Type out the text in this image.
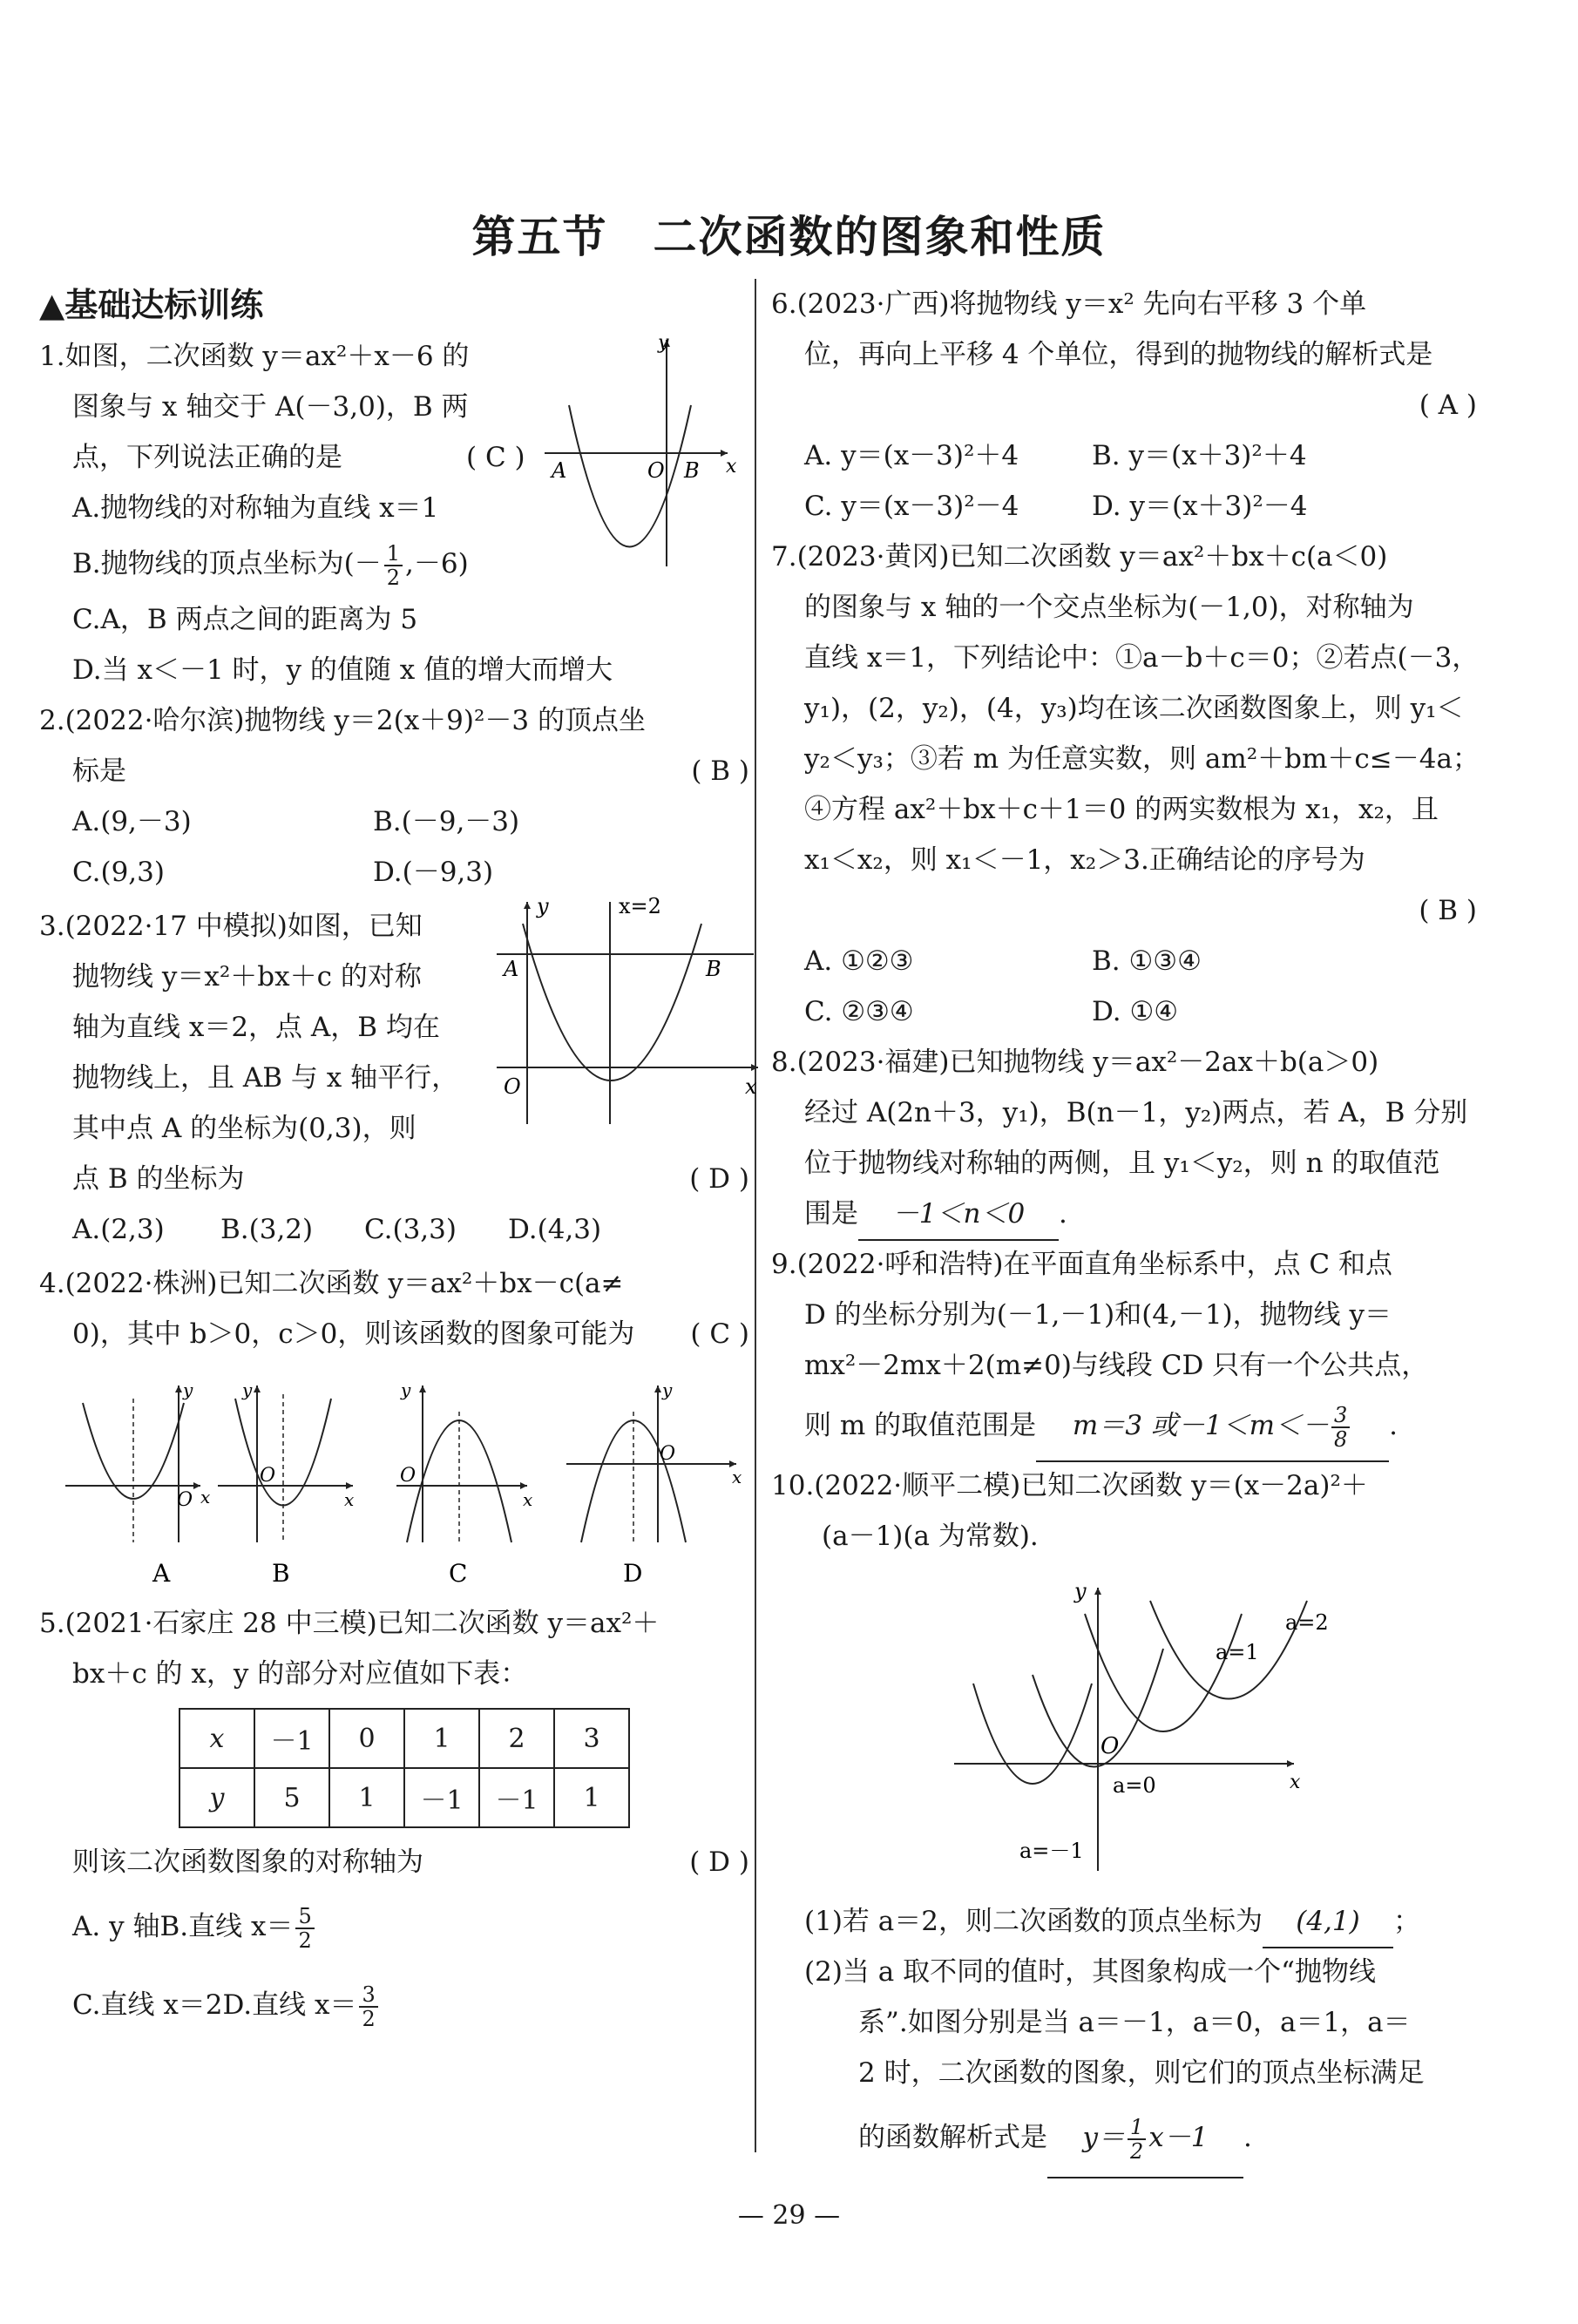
第五节　二次函数的图象和性质
▲基础达标训练
1.如图，二次函数 y＝ax²＋x－6 的
图象与 x 轴交于 A(－3,0)，B 两
点，下列说法正确的是	( C )
A.抛物线的对称轴为直线 x＝1
B.抛物线的顶点坐标为(－ $\frac{1}{2} ,-6$)
C.A，B 两点之间的距离为 5
D.当 x＜－1 时，y 的值随 x 值的增大而增大
y
x
A	O B
2.(2022·哈尔滨)抛物线 y＝2(x＋9)²－3 的顶点坐
标是	( B )
A.(9,－3)	B.(－9,－3)
C.(9,3)	D.(－9,3)
3.(2022·17 中模拟)如图，已知
抛物线 y＝x²＋bx＋c 的对称
轴为直线 x＝2，点 A，B 均在
抛物线上，且 AB 与 x 轴平行，
其中点 A 的坐标为(0,3)，则
点 B 的坐标为	( D )
A.(2,3) B.(3,2) C.(3,3) D.(4,3)
y	x=2
A	B
O	x
4.(2022·株洲)已知二次函数 y＝ax²＋bx－c(a≠
0)，其中 b＞0，c＞0，则该函数的图象可能为 ( C )
y
x
O
A
y
x
O
B
y
x
O
C
y
x
O
D
5.(2021·石家庄 28 中三模)已知二次函数 y＝ax²＋
bx＋c 的 x，y 的部分对应值如下表：
x	－1	0	1	2	3
y	5	1	－1	－1	1
则该二次函数图象的对称轴为	( D )
A. y 轴B.直线 $x= \frac{5}{2}$
C.直线 x＝2D.直线 $x= \frac{3}{2}$
6.(2023·广西)将抛物线 y＝x² 先向右平移 3 个单
位，再向上平移 4 个单位，得到的抛物线的解析式是
( A )
A. y＝(x－3)²＋4	B. y＝(x＋3)²＋4
C. y＝(x－3)²－4	D. y＝(x＋3)²－4
7.(2023·黄冈)已知二次函数 y＝ax²＋bx＋c(a＜0)
的图象与 x 轴的一个交点坐标为(－1,0)，对称轴为
直线 x＝1，下列结论中：①a－b＋c＝0；②若点(－3，
y₁)，(2，y₂)，(4，y₃)均在该二次函数图象上，则 y₁＜
y₂＜y₃；③若 m 为任意实数，则 am²＋bm＋c≤－4a；
④方程 ax²＋bx＋c＋1＝0 的两实数根为 x₁，x₂，且
x₁＜x₂，则 x₁＜－1，x₂＞3.正确结论的序号为
( B )
A. ①②③	B. ①③④
C. ②③④	D. ①④
8.(2023·福建)已知抛物线 y＝ax²－2ax＋b(a＞0)
经过 A(2n＋3，y₁)，B(n－1，y₂)两点，若 A，B 分别
位于抛物线对称轴的两侧，且 y₁＜y₂，则 n 的取值范
围是 －1＜n＜0 .
9.(2022·呼和浩特)在平面直角坐标系中，点 C 和点
D 的坐标分别为(－1,－1)和(4,－1)，抛物线 y＝
mx²－2mx＋2(m≠0)与线段 CD 只有一个公共点，
则 m 的取值范围是 m＝3 或$-1<m<- \frac{3}{8}$ .
10.(2022·顺平二模)已知二次函数 y＝(x－2a)²＋
(a－1)(a 为常数).
y
x
O
a=2
a=1
a=0
a=－1
(1)若 a＝2，则二次函数的顶点坐标为 (4,1) ；
(2)当 a 取不同的值时，其图象构成一个“抛物线
系”.如图分别是当 a＝－1，a＝0，a＝1，a＝
2 时，二次函数的图象，则它们的顶点坐标满足
的函数解析式是 $y= \frac{1}{2} x-1$ .
— 29 —
